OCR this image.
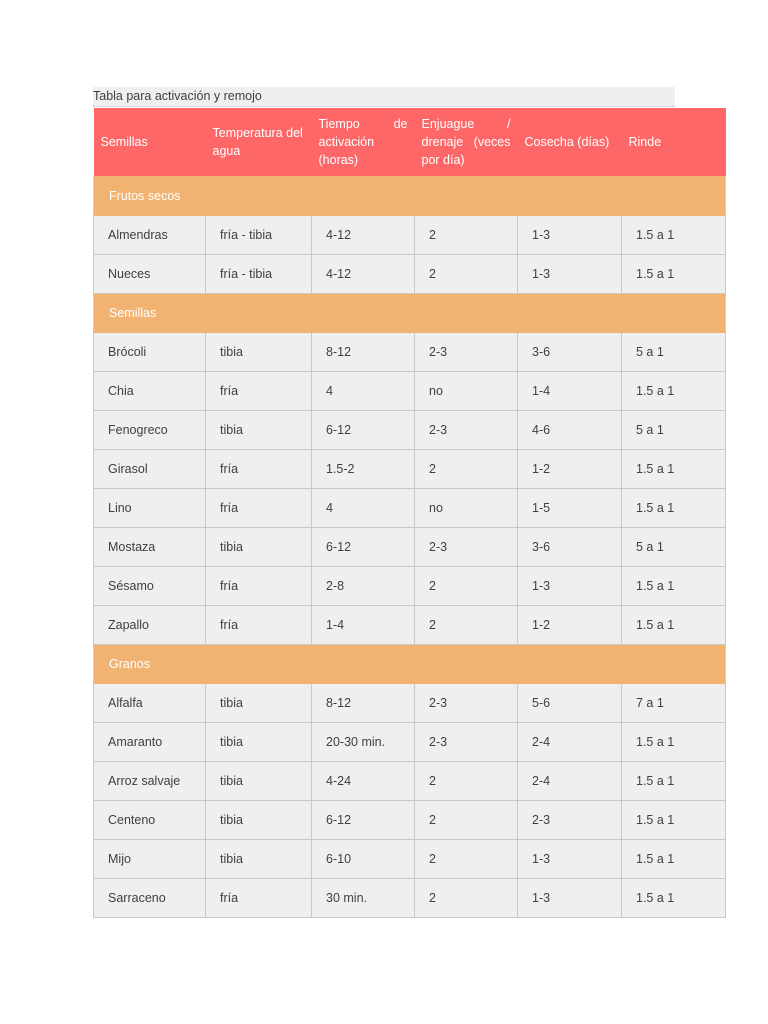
Tabla para activación y remojo
Semillas	Temperatura del agua	Tiempo de activación (horas)	Enjuague / drenaje (veces por día)	Cosecha (días)	Rinde
Frutos secos					
Almendras	fría - tibia	4-12	2	1-3	1.5 a 1
Nueces	fría - tibia	4-12	2	1-3	1.5 a 1
Semillas					
Brócoli	tibia	8-12	2-3	3-6	5 a 1
Chia	fría	4	no	1-4	1.5 a 1
Fenogreco	tibia	6-12	2-3	4-6	5 a 1
Girasol	fría	1.5-2	2	1-2	1.5 a 1
Lino	fría	4	no	1-5	1.5 a 1
Mostaza	tibia	6-12	2-3	3-6	5 a 1
Sésamo	fría	2-8	2	1-3	1.5 a 1
Zapallo	fría	1-4	2	1-2	1.5 a 1
Granos					
Alfalfa	tibia	8-12	2-3	5-6	7 a 1
Amaranto	tibia	20-30 min.	2-3	2-4	1.5 a 1
Arroz salvaje	tibia	4-24	2	2-4	1.5 a 1
Centeno	tibia	6-12	2	2-3	1.5 a 1
Mijo	tibia	6-10	2	1-3	1.5 a 1
Sarraceno	fría	30 min.	2	1-3	1.5 a 1
